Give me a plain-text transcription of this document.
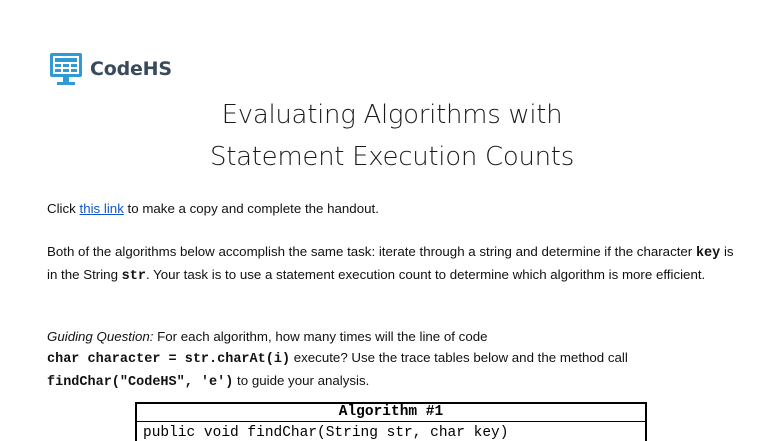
CodeHS
Evaluating Algorithms with
Statement Execution Counts
Click this link to make a copy and complete the handout.
Both of the algorithms below accomplish the same task: iterate through a string and determine if the character key is in the String str. Your task is to use a statement execution count to determine which algorithm is more efficient.
Guiding Question: For each algorithm, how many times will the line of code
char character = str.charAt(i) execute? Use the trace tables below and the method call
findChar("CodeHS", 'e') to guide your analysis.
Algorithm #1
public void findChar(String str, char key)
